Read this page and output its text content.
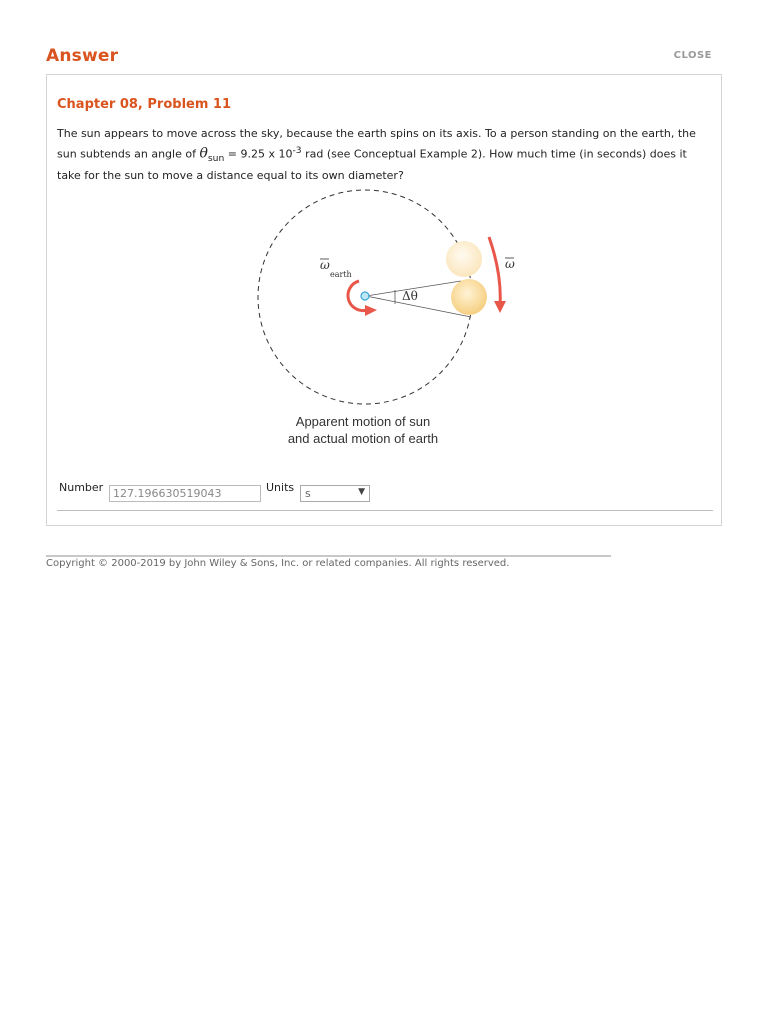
Answer	CLOSE
Chapter 08, Problem 11
The sun appears to move across the sky, because the earth spins on its axis. To a person standing on the earth, the sun subtends an angle of $\theta_{sun} = 9.25$ x $10^{-3}$ rad (see Conceptual Example 2). How much time (in seconds) does it take for the sun to move a distance equal to its own diameter?
ω
earth
ω
Δθ
Apparent motion of sun
and actual motion of earth
Number
127.196630519043	Units s	▼
Copyright © 2000-2019 by John Wiley & Sons, Inc. or related companies. All rights reserved.
